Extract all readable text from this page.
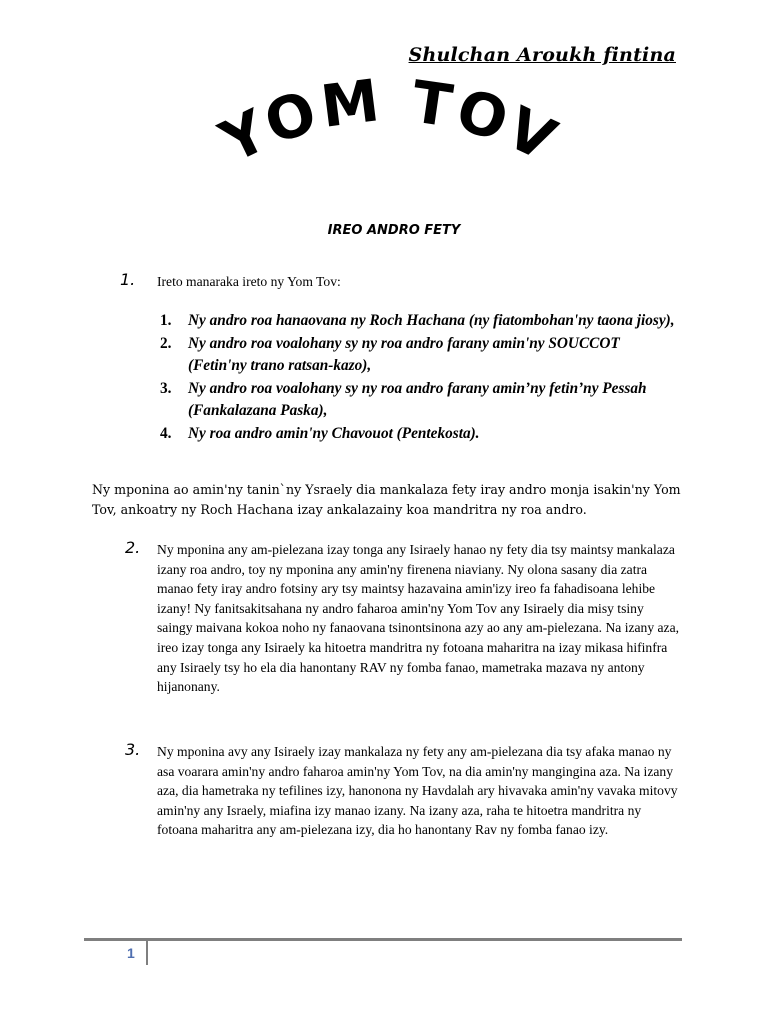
Shulchan Aroukh fintina
YOM TOV
IREO ANDRO FETY
1. Ireto manaraka ireto ny Yom Tov:
1. Ny andro roa hanaovana ny Roch Hachana (ny fiatombohan'ny taona jiosy),
2. Ny andro roa voalohany sy ny roa andro farany amin'ny SOUCCOT (Fetin'ny trano ratsan-kazo),
3. Ny andro roa voalohany sy ny roa andro farany amin’ny fetin’ny Pessah (Fankalazana Paska),
4. Ny roa andro amin'ny Chavouot (Pentekosta).
Ny mponina ao amin'ny tanin`ny Ysraely dia mankalaza fety iray andro monja isakin'ny Yom Tov, ankoatry ny Roch Hachana izay ankalazainy koa mandritra ny roa andro.
2. Ny mponina any am-pielezana izay tonga any Isiraely hanao ny fety dia tsy maintsy mankalaza izany roa andro, toy ny mponina any amin'ny firenena niaviany. Ny olona sasany dia zatra manao fety iray andro fotsiny ary tsy maintsy hazavaina amin'izy ireo fa fahadisoana lehibe izany! Ny fanitsakitsahana ny andro faharoa amin'ny Yom Tov any Isiraely dia misy tsiny saingy maivana kokoa noho ny fanaovana tsinontsinona azy ao any am-pielezana. Na izany aza, ireo izay tonga any Isiraely ka hitoetra mandritra ny fotoana maharitra na izay mikasa hifinfra any Isiraely tsy ho ela dia hanontany RAV ny fomba fanao, mametraka mazava ny antony hijanonany.
3. Ny mponina avy any Isiraely izay mankalaza ny fety any am-pielezana dia tsy afaka manao ny asa voarara amin'ny andro faharoa amin'ny Yom Tov, na dia amin'ny mangingina aza. Na izany aza, dia hametraka ny tefilines izy, hanonona ny Havdalah ary hivavaka amin'ny vavaka mitovy amin'ny any Israely, miafina izy manao izany. Na izany aza, raha te hitoetra mandritra ny fotoana maharitra any am-pielezana izy, dia ho hanontany Rav ny fomba fanao izy.
1
